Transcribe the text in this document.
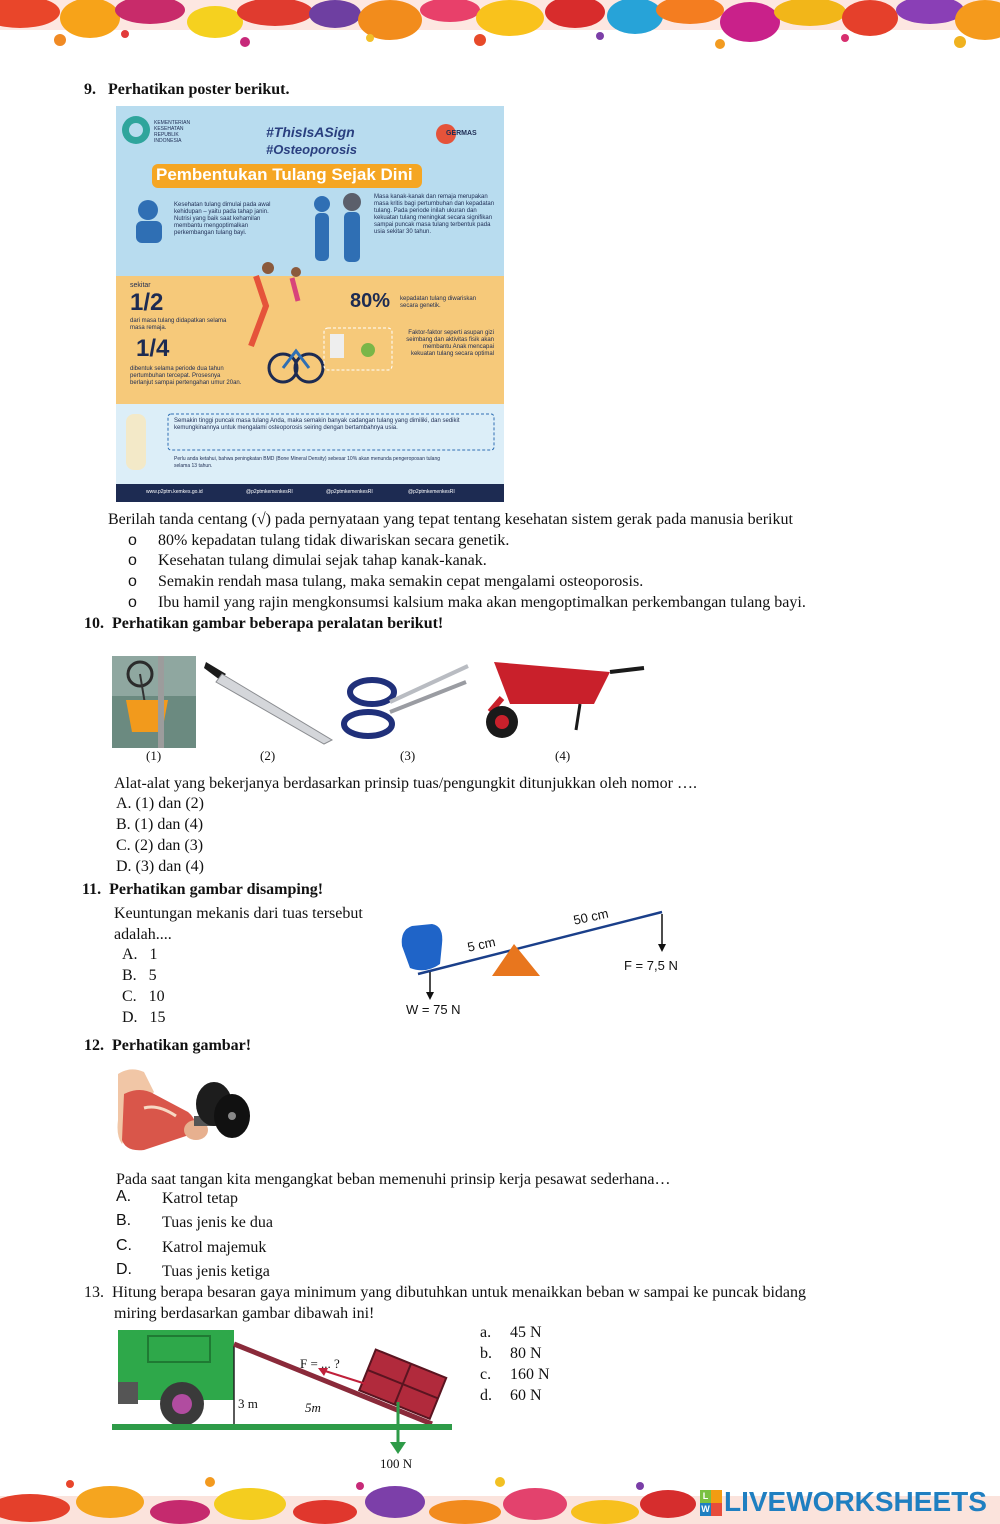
9.   Perhatikan poster berikut.
KEMENTERIAN KESEHATAN REPUBLIK INDONESIA
#ThisIsASign
#Osteoporosis
GERMAS
Pembentukan Tulang Sejak Dini
Kesehatan tulang dimulai pada awal kehidupan – yaitu pada tahap janin. Nutrisi yang baik saat kehamilan membantu mengoptimalkan perkembangan tulang bayi.
Masa kanak-kanak dan remaja merupakan masa kritis bagi pertumbuhan dan kepadatan tulang. Pada periode inilah ukuran dan kekuatan tulang meningkat secara signifikan sampai puncak masa tulang terbentuk pada usia sekitar 30 tahun.
sekitar
1/2
dari masa tulang didapatkan selama masa remaja.
1/4
dibentuk selama periode dua tahun pertumbuhan tercepat. Prosesnya berlanjut sampai pertengahan umur 20an.
80% kepadatan tulang diwariskan secara genetik.
Faktor-faktor seperti asupan gizi seimbang dan aktivitas fisik akan membantu Anak mencapai kekuatan tulang secara optimal
Semakin tinggi puncak masa tulang Anda, maka semakin banyak cadangan tulang yang dimiliki, dan sedikit kemungkinannya untuk mengalami osteoporosis seiring dengan bertambahnya usia.
Perlu anda ketahui, bahwa peningkatan BMD (Bone Mineral Density) sebesar 10% akan menunda pengeroposan tulang selama 13 tahun.
www.p2ptm.kemkes.go.id	@p2ptmkemenkesRI	@p2ptmkemenkesRI	@p2ptmkemenkesRI
Berilah tanda centang (√) pada pernyataan yang tepat tentang kesehatan sistem gerak pada manusia berikut
o 80% kepadatan tulang tidak diwariskan secara genetik.
o Kesehatan tulang dimulai sejak tahap kanak-kanak.
o Semakin rendah masa tulang, maka semakin cepat mengalami osteoporosis.
o Ibu hamil yang rajin mengkonsumsi kalsium maka akan mengoptimalkan perkembangan tulang bayi.
10.  Perhatikan gambar beberapa peralatan berikut!
(1)	(2)	(3)	(4)
Alat-alat yang bekerjanya berdasarkan prinsip tuas/pengungkit ditunjukkan oleh nomor ….
A. (1) dan (2)
B. (1) dan (4)
C. (2) dan (3)
D. (3) dan (4)
11.  Perhatikan gambar disamping!
Keuntungan mekanis dari tuas tersebut
adalah....
A.   1
B.   5
C.   10
D.   15
5 cm
50 cm
F = 7,5 N
W = 75 N
12.  Perhatikan gambar!
Pada saat tangan kita mengangkat beban memenuhi prinsip kerja pesawat sederhana…
A. Katrol tetap
B. Tuas jenis ke dua
C. Katrol majemuk
D. Tuas jenis ketiga
13.  Hitung berapa besaran gaya minimum yang dibutuhkan untuk menaikkan beban w sampai ke puncak bidang
miring berdasarkan gambar dibawah ini!
F = ... ?
3 m	5m
100 N
a. 45 N
b. 80 N
c. 160 N
d. 60 N
L
W LIVEWORKSHEETS
